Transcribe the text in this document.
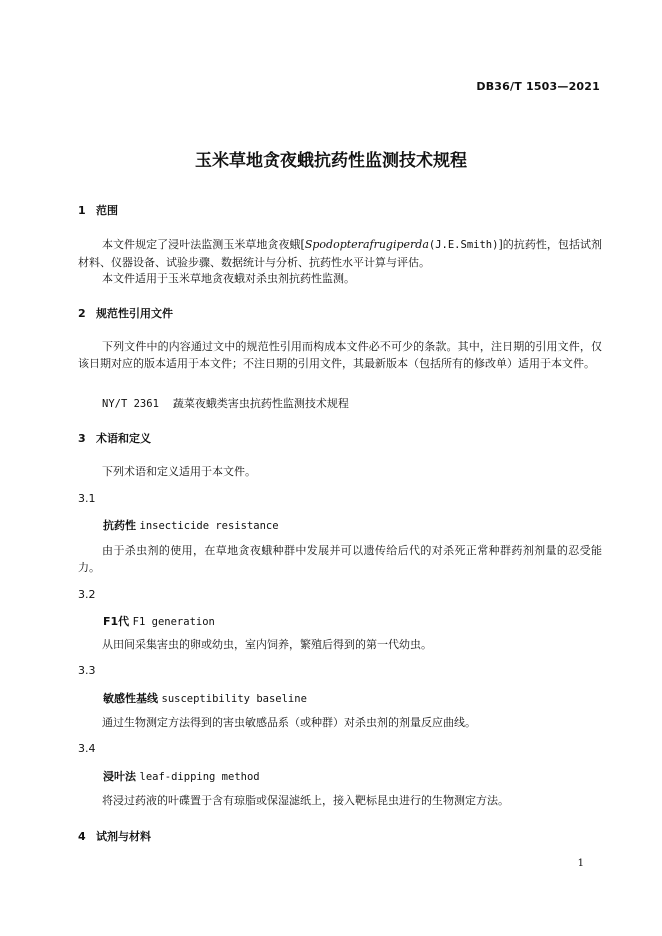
DB36/T 1503—2021
玉米草地贪夜蛾抗药性监测技术规程
1 范围
本文件规定了浸叶法监测玉米草地贪夜蛾[Spodopterafrugiperda(J.E.Smith)]的抗药性，包括试剂材料、仪器设备、试验步骤、数据统计与分析、抗药性水平计算与评估。
本文件适用于玉米草地贪夜蛾对杀虫剂抗药性监测。
2 规范性引用文件
下列文件中的内容通过文中的规范性引用而构成本文件必不可少的条款。其中，注日期的引用文件，仅该日期对应的版本适用于本文件；不注日期的引用文件，其最新版本（包括所有的修改单）适用于本文件。
NY/T 2361 蔬菜夜蛾类害虫抗药性监测技术规程
3 术语和定义
下列术语和定义适用于本文件。
3.1
抗药性 insecticide resistance
由于杀虫剂的使用，在草地贪夜蛾种群中发展并可以遗传给后代的对杀死正常种群药剂剂量的忍受能力。
3.2
F1代 F1 generation
从田间采集害虫的卵或幼虫，室内饲养，繁殖后得到的第一代幼虫。
3.3
敏感性基线 susceptibility baseline
通过生物测定方法得到的害虫敏感品系（或种群）对杀虫剂的剂量反应曲线。
3.4
浸叶法 leaf-dipping method
将浸过药液的叶碟置于含有琼脂或保湿滤纸上，接入靶标昆虫进行的生物测定方法。
4 试剂与材料
1
